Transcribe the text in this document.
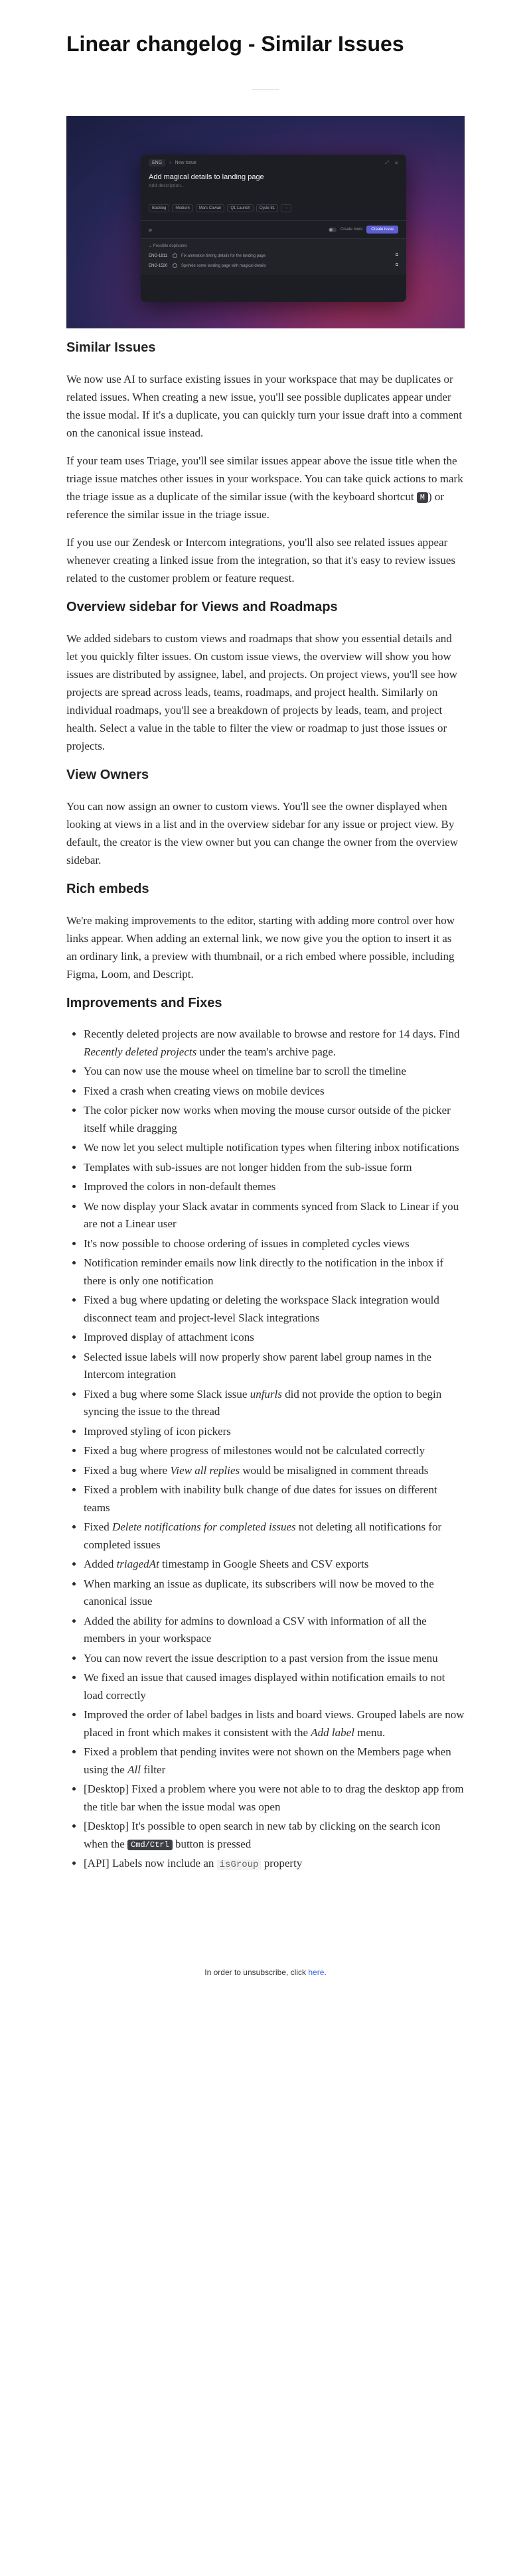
Linear changelog - Similar Issues
ENG	› New issue	⤢ ✕
Add magical details to landing page
Add description...
Backlog	Medium	Marc Cowan	Q1 Launch	Cycle 81	···
⌀	Create more	Create issue
⌄ Possible duplicates
ENG-1811	Fix animation timing details for the landing page	⧉
ENG-1520	Sprinkle some landing page with magical details	⧉
Similar Issues

We now use AI to surface existing issues in your workspace that may be duplicates or related issues. When creating a new issue, you'll see possible duplicates appear under the issue modal. If it's a duplicate, you can quickly turn your issue draft into a comment on the canonical issue instead.

If your team uses Triage, you'll see similar issues appear above the issue title when the triage issue matches other issues in your workspace. You can take quick actions to mark the triage issue as a duplicate of the similar issue (with the keyboard shortcut M ) or reference the similar issue in the triage issue.

If you use our Zendesk or Intercom integrations, you'll also see related issues appear whenever creating a linked issue from the integration, so that it's easy to review issues related to the customer problem or feature request.

Overview sidebar for Views and Roadmaps

We added sidebars to custom views and roadmaps that show you essential details and let you quickly filter issues. On custom issue views, the overview will show you how issues are distributed by assignee, label, and projects. On project views, you'll see how projects are spread across leads, teams, roadmaps, and project health. Similarly on individual roadmaps, you'll see a breakdown of projects by leads, team, and project health. Select a value in the table to filter the view or roadmap to just those issues or projects.

View Owners

You can now assign an owner to custom views. You'll see the owner displayed when looking at views in a list and in the overview sidebar for any issue or project view. By default, the creator is the view owner but you can change the owner from the overview sidebar.

Rich embeds

We're making improvements to the editor, starting with adding more control over how links appear. When adding an external link, we now give you the option to insert it as an ordinary link, a preview with thumbnail, or a rich embed where possible, including Figma, Loom, and Descript.

Improvements and Fixes
• Recently deleted projects are now available to browse and restore for 14 days. Find Recently deleted projects under the team's archive page.
• You can now use the mouse wheel on timeline bar to scroll the timeline
• Fixed a crash when creating views on mobile devices
• The color picker now works when moving the mouse cursor outside of the picker itself while dragging
• We now let you select multiple notification types when filtering inbox notifications
• Templates with sub-issues are not longer hidden from the sub-issue form
• Improved the colors in non-default themes
• We now display your Slack avatar in comments synced from Slack to Linear if you are not a Linear user
• It's now possible to choose ordering of issues in completed cycles views
• Notification reminder emails now link directly to the notification in the inbox if there is only one notification
• Fixed a bug where updating or deleting the workspace Slack integration would disconnect team and project-level Slack integrations
• Improved display of attachment icons
• Selected issue labels will now properly show parent label group names in the Intercom integration
• Fixed a bug where some Slack issue unfurls did not provide the option to begin syncing the issue to the thread
• Improved styling of icon pickers
• Fixed a bug where progress of milestones would not be calculated correctly
• Fixed a bug where View all replies would be misaligned in comment threads
• Fixed a problem with inability bulk change of due dates for issues on different teams
• Fixed Delete notifications for completed issues not deleting all notifications for completed issues
• Added triagedAt timestamp in Google Sheets and CSV exports
• When marking an issue as duplicate, its subscribers will now be moved to the canonical issue
• Added the ability for admins to download a CSV with information of all the members in your workspace
• You can now revert the issue description to a past version from the issue menu
• We fixed an issue that caused images displayed within notification emails to not load correctly
• Improved the order of label badges in lists and board views. Grouped labels are now placed in front which makes it consistent with the Add label menu.
• Fixed a problem that pending invites were not shown on the Members page when using the All filter
• [Desktop] Fixed a problem where you were not able to to drag the desktop app from the title bar when the issue modal was open
• [Desktop] It's possible to open search in new tab by clicking on the search icon when the Cmd/Ctrl button is pressed
• [API] Labels now include an isGroup property
In order to unsubscribe, click here.
